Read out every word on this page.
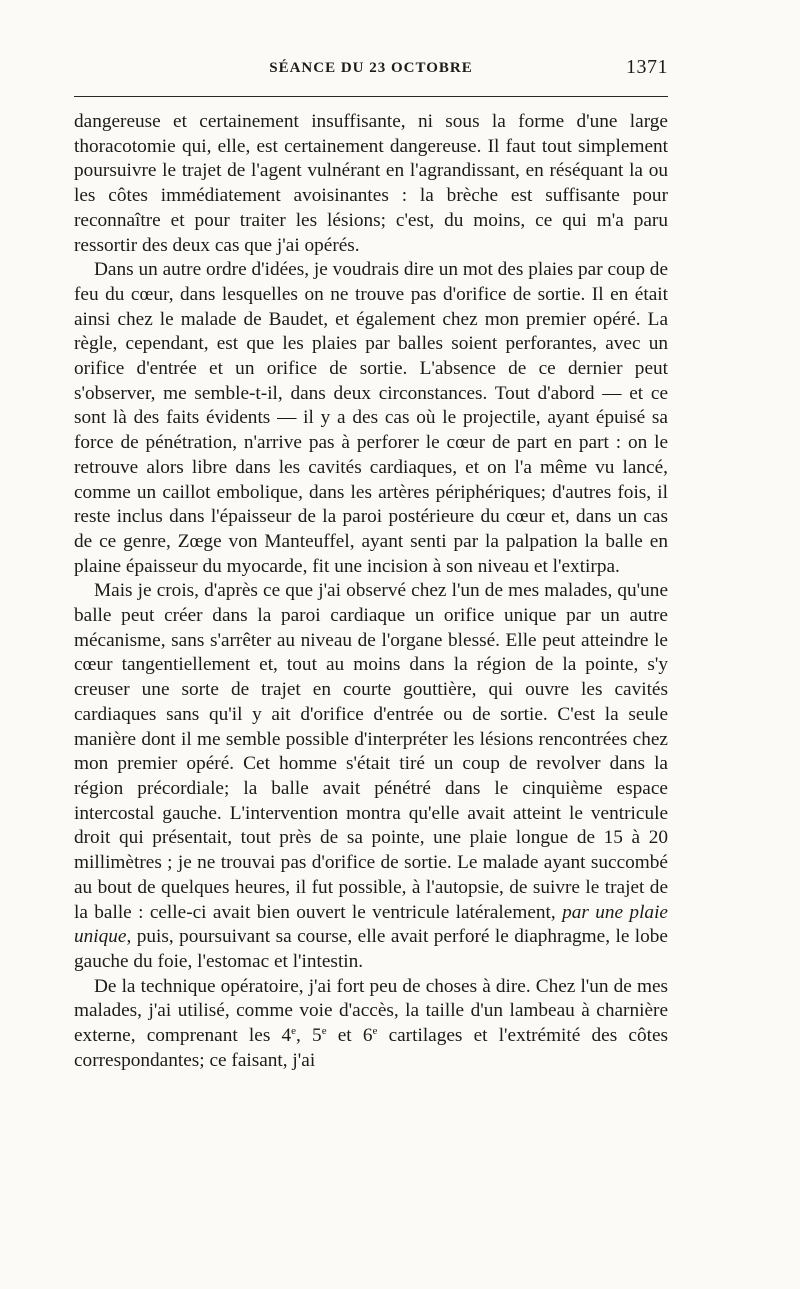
SÉANCE DU 23 OCTOBRE	1371

dangereuse et certainement insuffisante, ni sous la forme d'une large thoracotomie qui, elle, est certainement dangereuse. Il faut tout simplement poursuivre le trajet de l'agent vulnérant en l'agrandissant, en réséquant la ou les côtes immédiatement avoisinantes : la brèche est suffisante pour reconnaître et pour traiter les lésions; c'est, du moins, ce qui m'a paru ressortir des deux cas que j'ai opérés.

Dans un autre ordre d'idées, je voudrais dire un mot des plaies par coup de feu du cœur, dans lesquelles on ne trouve pas d'orifice de sortie. Il en était ainsi chez le malade de Baudet, et également chez mon premier opéré. La règle, cependant, est que les plaies par balles soient perforantes, avec un orifice d'entrée et un orifice de sortie. L'absence de ce dernier peut s'observer, me semble-t-il, dans deux circonstances. Tout d'abord — et ce sont là des faits évidents — il y a des cas où le projectile, ayant épuisé sa force de pénétration, n'arrive pas à perforer le cœur de part en part : on le retrouve alors libre dans les cavités cardiaques, et on l'a même vu lancé, comme un caillot embolique, dans les artères périphériques; d'autres fois, il reste inclus dans l'épaisseur de la paroi postérieure du cœur et, dans un cas de ce genre, Zœge von Manteuffel, ayant senti par la palpation la balle en plaine épaisseur du myocarde, fit une incision à son niveau et l'extirpa.

Mais je crois, d'après ce que j'ai observé chez l'un de mes malades, qu'une balle peut créer dans la paroi cardiaque un orifice unique par un autre mécanisme, sans s'arrêter au niveau de l'organe blessé. Elle peut atteindre le cœur tangentiellement et, tout au moins dans la région de la pointe, s'y creuser une sorte de trajet en courte gouttière, qui ouvre les cavités cardiaques sans qu'il y ait d'orifice d'entrée ou de sortie. C'est la seule manière dont il me semble possible d'interpréter les lésions rencontrées chez mon premier opéré. Cet homme s'était tiré un coup de revolver dans la région précordiale; la balle avait pénétré dans le cinquième espace intercostal gauche. L'intervention montra qu'elle avait atteint le ventricule droit qui présentait, tout près de sa pointe, une plaie longue de 15 à 20 millimètres ; je ne trouvai pas d'orifice de sortie. Le malade ayant succombé au bout de quelques heures, il fut possible, à l'autopsie, de suivre le trajet de la balle : celle-ci avait bien ouvert le ventricule latéralement, par une plaie unique, puis, poursuivant sa course, elle avait perforé le diaphragme, le lobe gauche du foie, l'estomac et l'intestin.

De la technique opératoire, j'ai fort peu de choses à dire. Chez l'un de mes malades, j'ai utilisé, comme voie d'accès, la taille d'un lambeau à charnière externe, comprenant les 4e, 5e et 6e cartilages et l'extrémité des côtes correspondantes; ce faisant, j'ai
